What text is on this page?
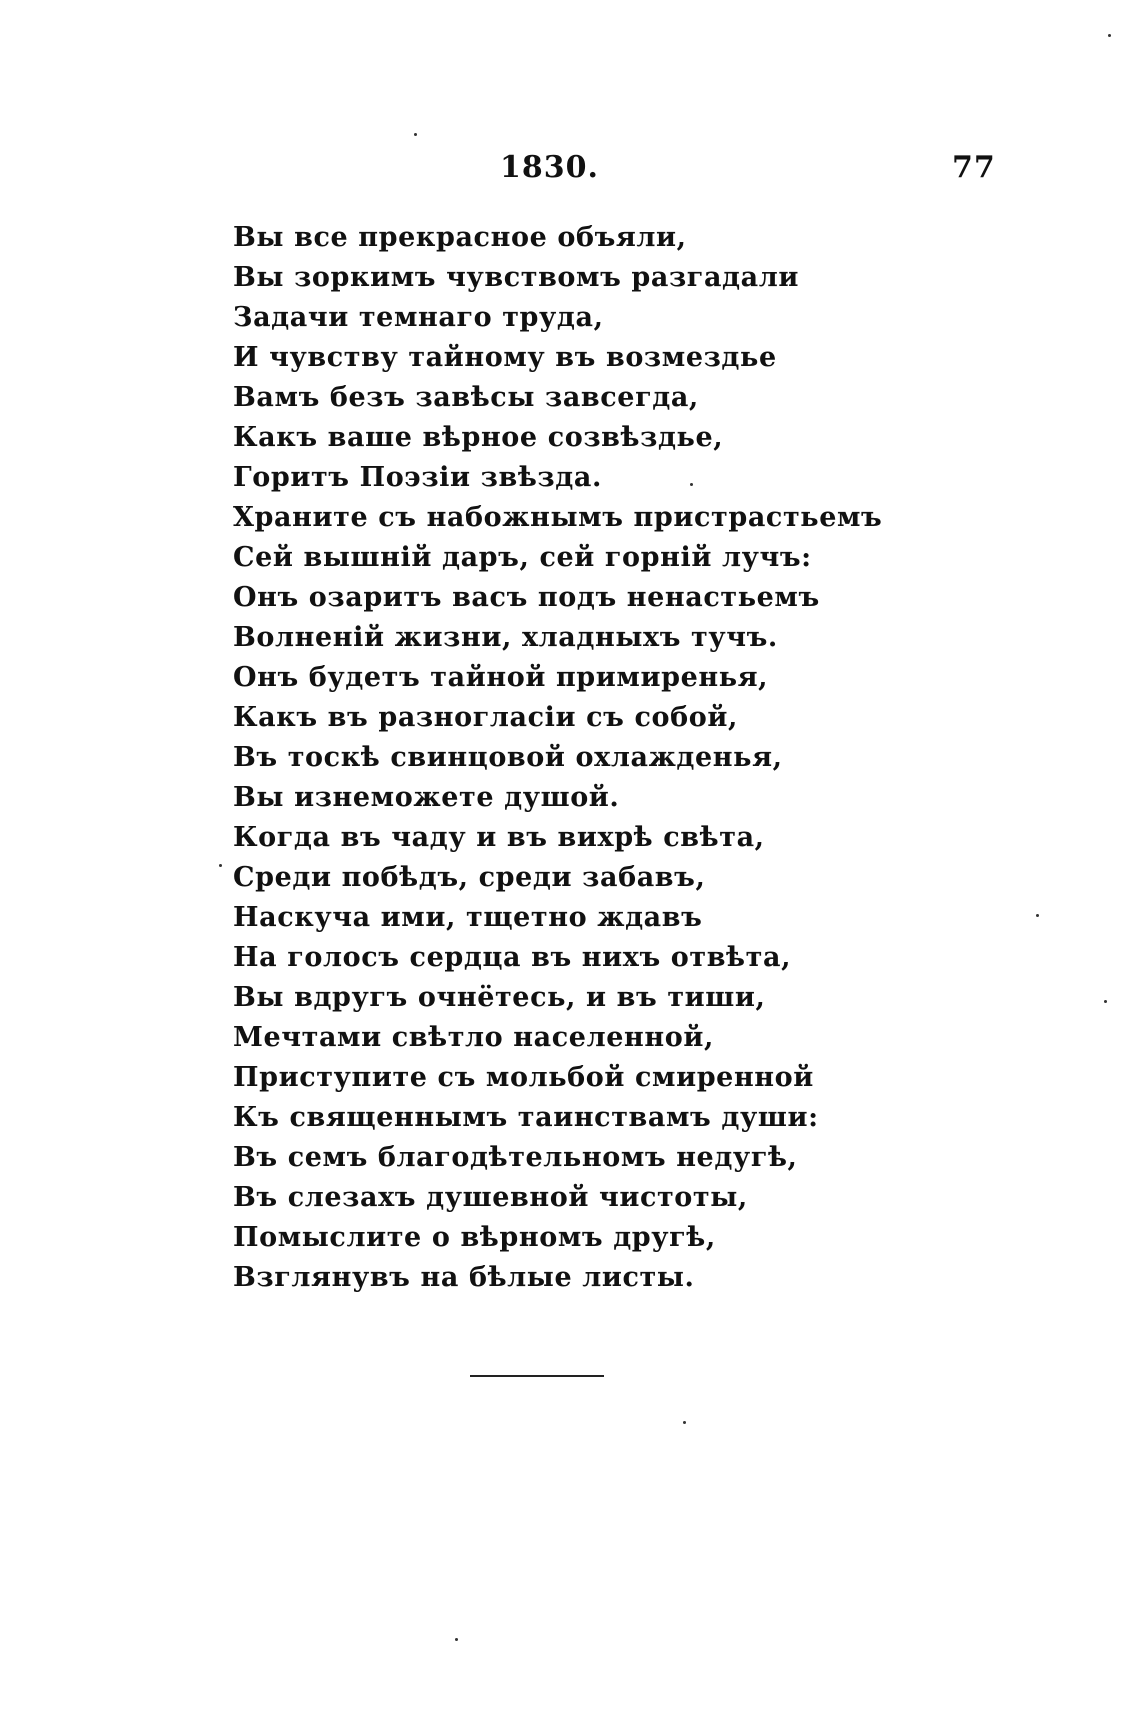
1830.	77
Вы все прекрасное объяли,
Вы зоркимъ чувствомъ разгадали
Задачи темнаго труда,
И чувству тайному въ возмездье
Вамъ безъ завѣсы завсегда,
Какъ ваше вѣрное созвѣздье,
Горитъ Поэзіи звѣзда.
Храните съ набожнымъ пристрастьемъ
Сей вышній даръ, сей горній лучъ:
Онъ озаритъ васъ подъ ненастьемъ
Волненій жизни, хладныхъ тучъ.
Онъ будетъ тайной примиренья,
Какъ въ разногласіи съ собой,
Въ тоскѣ свинцовой охлажденья,
Вы изнеможете душой.
Когда въ чаду и въ вихрѣ свѣта,
Среди побѣдъ, среди забавъ,
Наскуча ими, тщетно ждавъ
На голосъ сердца въ нихъ отвѣта,
Вы вдругъ очнётесь, и въ тиши,
Мечтами свѣтло населенной,
Приступите съ мольбой смиренной
Къ священнымъ таинствамъ души:
Въ семъ благодѣтельномъ недугѣ,
Въ слезахъ душевной чистоты,
Помыслите о вѣрномъ другѣ,
Взглянувъ на бѣлые листы.
